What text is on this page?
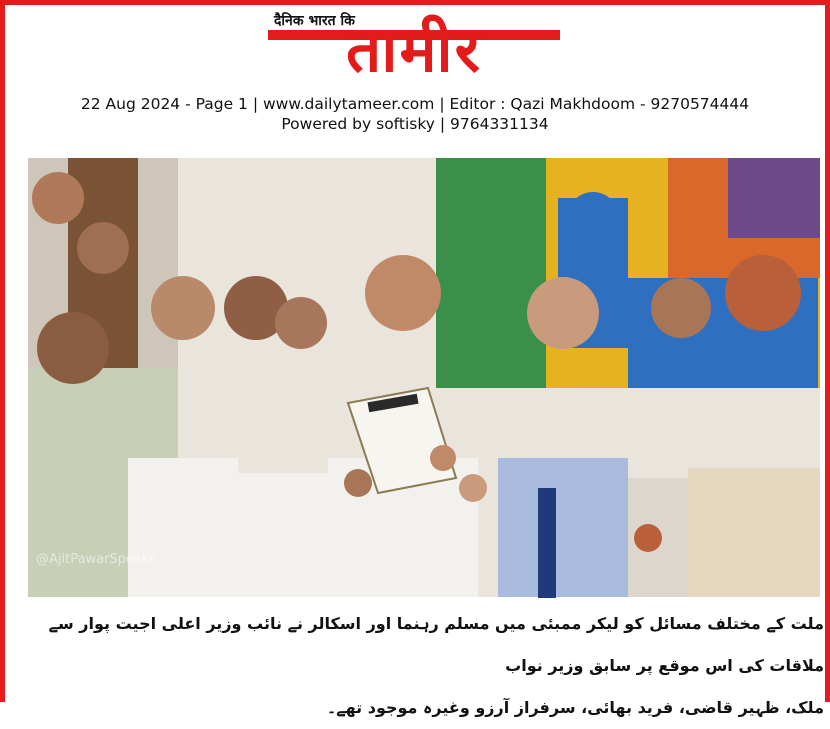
दैनिक भारत कि
तामीर
22 Aug 2024 - Page 1 | www.dailytameer.com | Editor : Qazi Makhdoom - 9270574444
Powered by softisky | 9764331134
@AjitPawarSpeaks
ملت کے مختلف مسائل کو لیکر ممبئی میں مسلم رہنما اور اسکالر نے نائب وزیر اعلی اجیت پوار سے ملاقات کی اس موقع پر سابق وزیر نواب
ملک، ظہیر قاضی، فرید بھائی، سرفراز آرزو وغیرہ موجود تھے۔
